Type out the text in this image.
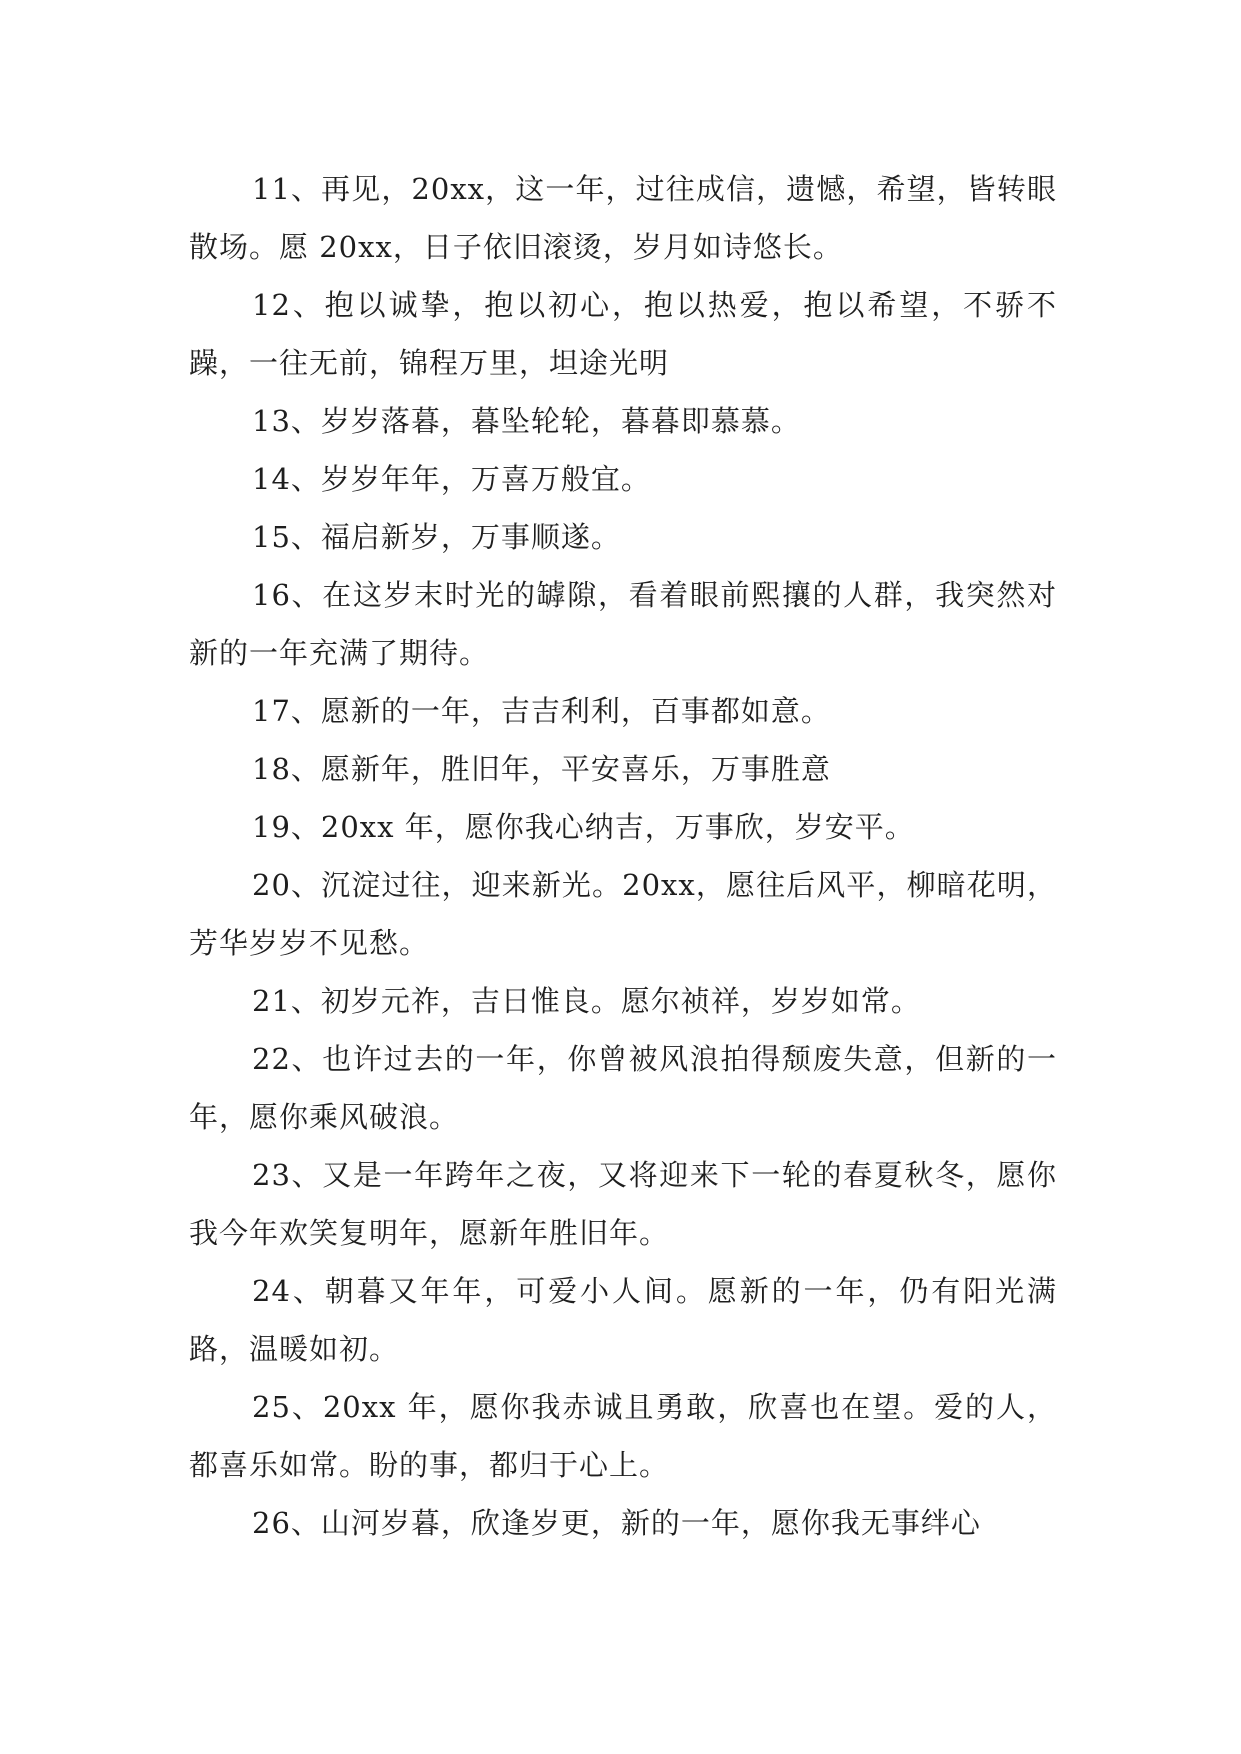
11、再见，20xx，这一年，过往成信，遗憾，希望，皆转眼散场。愿 20xx，日子依旧滚烫，岁月如诗悠长。

12、抱以诚挚，抱以初心，抱以热爱，抱以希望，不骄不躁，一往无前，锦程万里，坦途光明

13、岁岁落暮，暮坠轮轮，暮暮即慕慕。

14、岁岁年年，万喜万般宜。

15、福启新岁，万事顺遂。

16、在这岁末时光的罅隙，看着眼前熙攘的人群，我突然对新的一年充满了期待。

17、愿新的一年，吉吉利利，百事都如意。

18、愿新年，胜旧年，平安喜乐，万事胜意

19、20xx 年，愿你我心纳吉，万事欣，岁安平。

20、沉淀过往，迎来新光。20xx，愿往后风平，柳暗花明，芳华岁岁不见愁。

21、初岁元祚，吉日惟良。愿尔祯祥，岁岁如常。

22、也许过去的一年，你曾被风浪拍得颓废失意，但新的一年，愿你乘风破浪。

23、又是一年跨年之夜，又将迎来下一轮的春夏秋冬，愿你我今年欢笑复明年，愿新年胜旧年。

24、朝暮又年年，可爱小人间。愿新的一年，仍有阳光满路，温暖如初。

25、20xx 年，愿你我赤诚且勇敢，欣喜也在望。爱的人，都喜乐如常。盼的事，都归于心上。

26、山河岁暮，欣逢岁更，新的一年，愿你我无事绊心
